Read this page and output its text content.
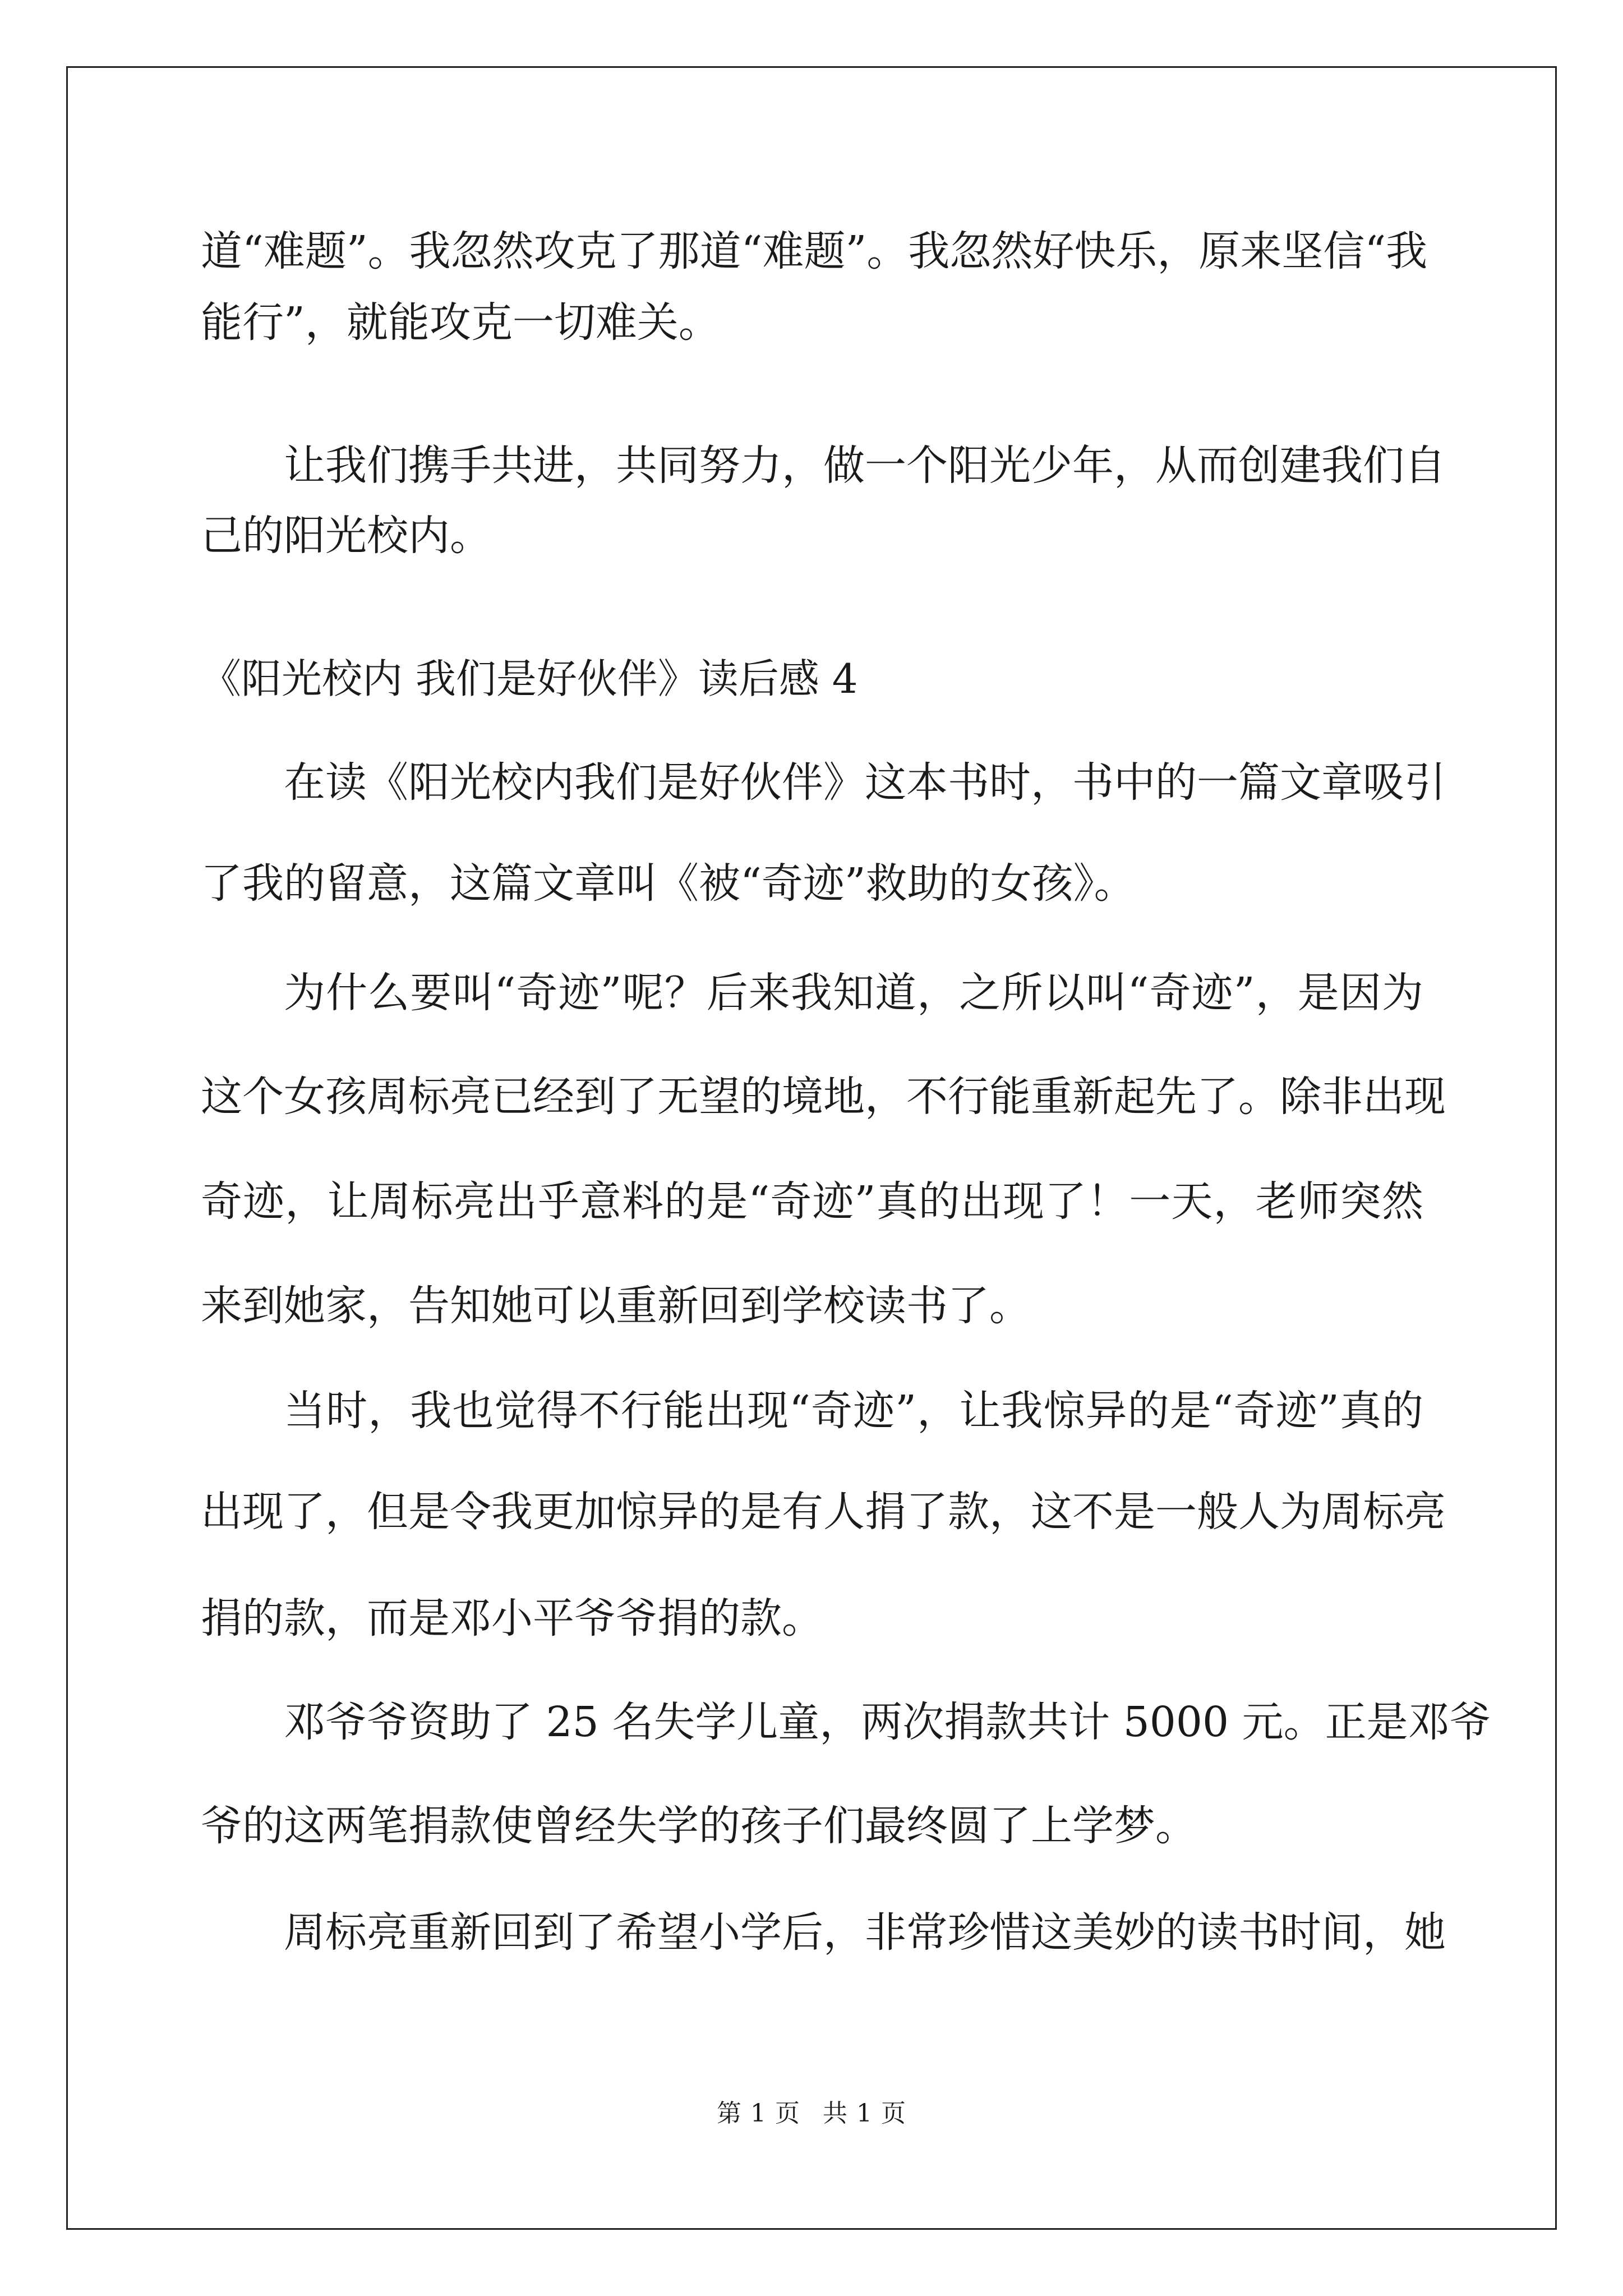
道“难题”。我忽然攻克了那道“难题”。我忽然好快乐，原来坚信“我
能行”，就能攻克一切难关。
让我们携手共进，共同努力，做一个阳光少年，从而创建我们自
己的阳光校内。
《阳光校内 我们是好伙伴》读后感 4
在读《阳光校内我们是好伙伴》这本书时，书中的一篇文章吸引
了我的留意，这篇文章叫《被“奇迹”救助的女孩》。
为什么要叫“奇迹”呢？后来我知道，之所以叫“奇迹”，是因为
这个女孩周标亮已经到了无望的境地，不行能重新起先了。除非出现
奇迹，让周标亮出乎意料的是“奇迹”真的出现了！一天，老师突然
来到她家，告知她可以重新回到学校读书了。
当时，我也觉得不行能出现“奇迹”，让我惊异的是“奇迹”真的
出现了，但是令我更加惊异的是有人捐了款，这不是一般人为周标亮
捐的款，而是邓小平爷爷捐的款。
邓爷爷资助了 25 名失学儿童，两次捐款共计 5000 元。正是邓爷
爷的这两笔捐款使曾经失学的孩子们最终圆了上学梦。
周标亮重新回到了希望小学后，非常珍惜这美妙的读书时间，她
第 1 页 共 1 页
